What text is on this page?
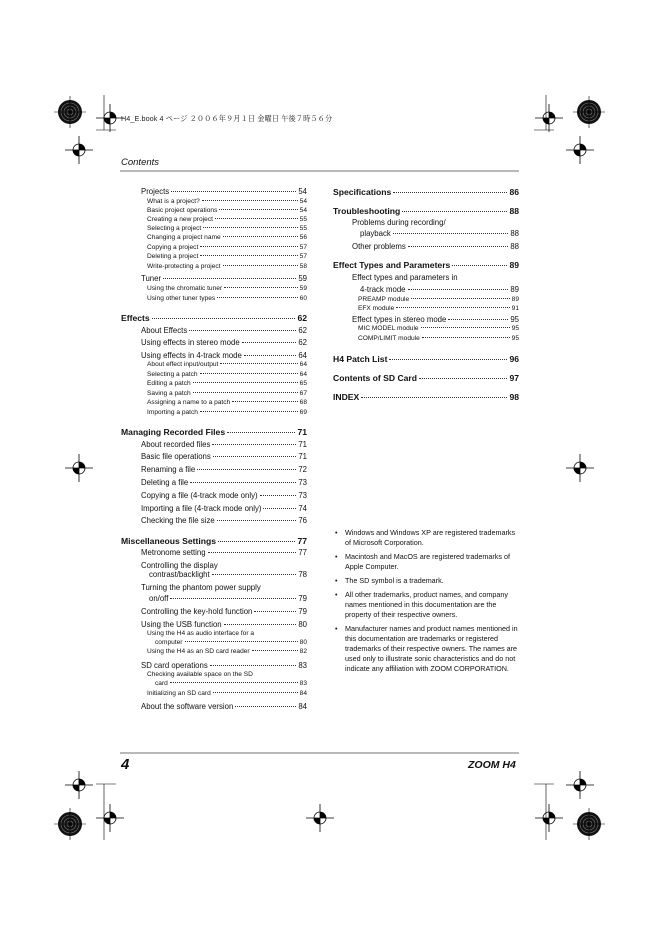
H4_E.book 4 ページ ２００６年９月１日 金曜日 午後７時５６分
Contents
• Windows and Windows XP are registered trademarks of Microsoft Corporation.
• Macintosh and MacOS are registered trademarks of Apple Computer.
• The SD symbol is a trademark.
• All other trademarks, product names, and company names mentioned in this documentation are the property of their respective owners.
• Manufacturer names and product names mentioned in this documentation are trademarks or registered trademarks of their respective owners. The names are used only to illustrate sonic characteristics and do not indicate any affiliation with ZOOM CORPORATION.
4	ZOOM H4
Projects	54
What is a project?	54
Basic project operations	54
Creating a new project	55
Selecting a project	55
Changing a project name	56
Copying a project	57
Deleting a project	57
Write-protecting a project	58
Tuner	59
Using the chromatic tuner	59
Using other tuner types	60
Effects	62
About Effects	62
Using effects in stereo mode	62
Using effects in 4-track mode	64
About effect input/output	64
Selecting a patch	64
Editing a patch	65
Saving a patch	67
Assigning a name to a patch	68
Importing a patch	69
Managing Recorded Files	71
About recorded files	71
Basic file operations	71
Renaming a file	72
Deleting a file	73
Copying a file (4-track mode only)	73
Importing a file (4-track mode only)	74
Checking the file size	76
Miscellaneous Settings	77
Metronome setting	77
Controlling the display
contrast/backlight	78
Turning the phantom power supply
on/off	79
Controlling the key-hold function	79
Using the USB function	80
Using the H4 as audio interface for a
computer	80
Using the H4 as an SD card reader	82
SD card operations	83
Checking available space on the SD
card	83
Initializing an SD card	84
About the software version	84
Specifications	86
Troubleshooting	88
Problems during recording/
playback	88
Other problems	88
Effect Types and Parameters	89
Effect types and parameters in
4-track mode	89
PREAMP module	89
EFX module	91
Effect types in stereo mode	95
MIC MODEL module	95
COMP/LIMIT module	95
H4 Patch List	96
Contents of SD Card	97
INDEX	98
